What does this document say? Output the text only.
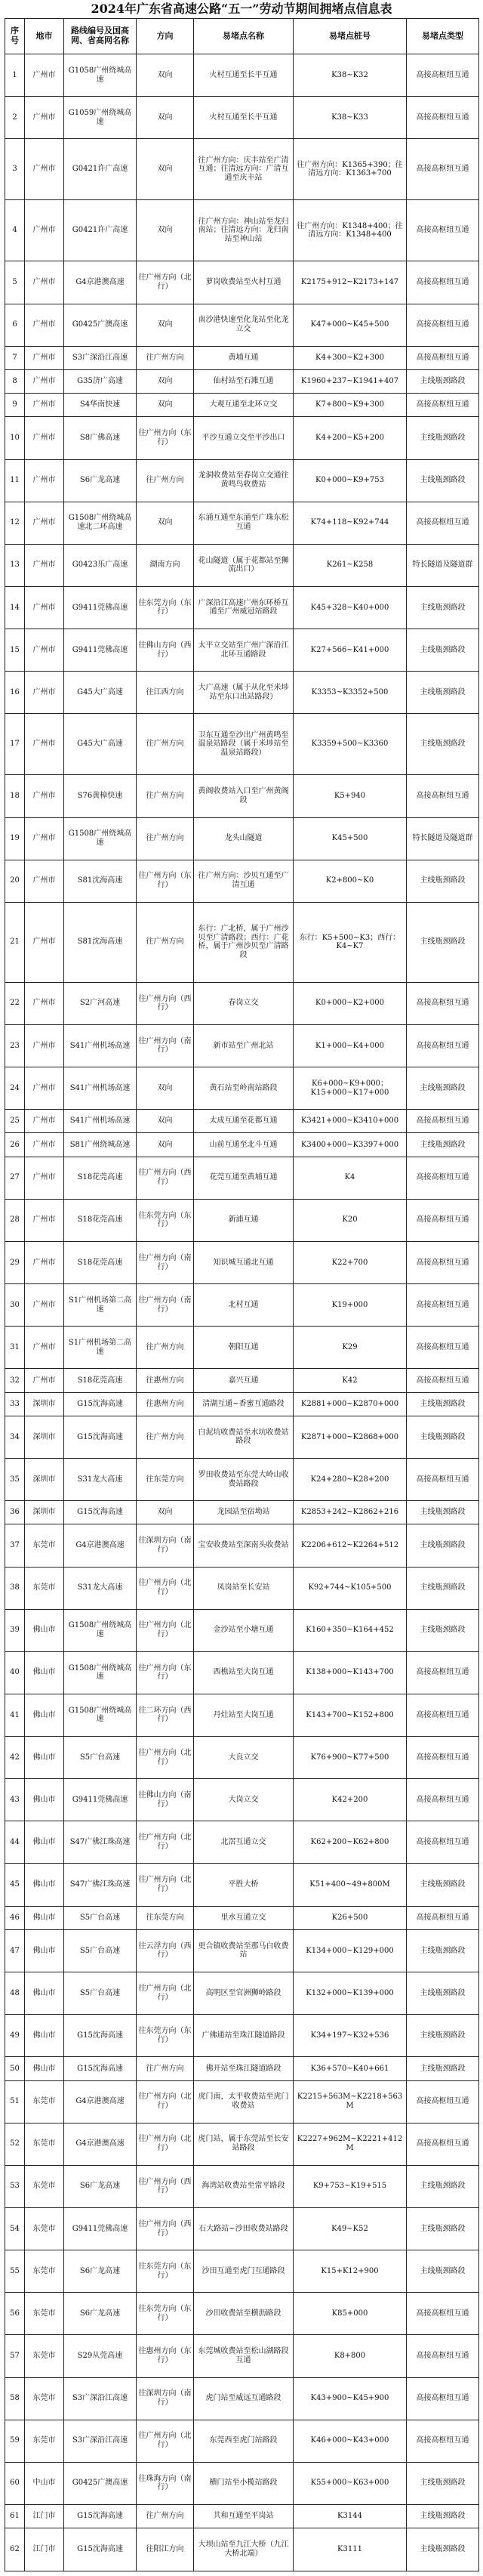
2024年广东省高速公路“五一”劳动节期间拥堵点信息表
序号	地市	路线编号及国高网、省高网名称	方向	易堵点名称	易堵点桩号	易堵点类型
1	广州市	G1058广州绕城高速	双向	火村互通至长平互通	K38~K32	高接高枢纽互通
2	广州市	G1059广州绕城高速	双向	火村互通至长平互通	K38~K33	高接高枢纽互通
3	广州市	G0421许广高速	双向	往广州方向：庆丰站至广清互通；往清远方向：广清互通至庆丰站	往广州方向：K1365+390；往清远方向：K1363+700	高接高枢纽互通
4	广州市	G0421许广高速	双向	往广州方向：神山站至龙归南站；往清远方向：龙归南站至神山站	往广州方向：K1348+400；往清远方向：K1348+400	高接高枢纽互通
5	广州市	G4京港澳高速	往广州方向（北行）	萝岗收费站至火村互通	K2175+912~K2173+147	高接高枢纽互通
6	广州市	G0425广澳高速	双向	南沙港快速至化龙站至化龙立交	K47+000~K45+500	高接高枢纽互通
7	广州市	S3广深沿江高速	往广州方向	黄埔互通	K4+300~K2+300	高接高枢纽互通
8	广州市	G35济广高速	双向	仙村站至石滩互通	K1960+237~K1941+407	主线瓶颈路段
9	广州市	S4华南快速	双向	大观互通至北环立交	K7+800~K9+300	高接高枢纽互通
10	广州市	S8广佛高速	往广州方向（东行）	平沙互通立交至平沙出口	K4+200~K5+200	主线瓶颈路段
11	广州市	S6广龙高速	往广州方向	龙洞收费站至春岗立交通往黄鸣鸟收费站	K0+000~K9+753	主线瓶颈路段
12	广州市	G1508广州绕城高速北二环高速	双向	东涌互通至东涌至广珠东松互通	K74+118~K92+744	高接高枢纽互通
13	广州市	G0423乐广高速	湖南方向	花山隧道（属于花都站至狮流出口）	K261~K258	特长隧道及隧道群
14	广州市	G9411莞佛高速	往东莞方向（东行）	广深沿江高速广州东环桥互通至广州威冠站路段	K45+328~K40+000	主线瓶颈路段
15	广州市	G9411莞佛高速	往佛山方向（西行）	太平立交站至广州广深沿江北环互通路段	K27+566~K41+000	主线瓶颈路段
16	广州市	G45大广高速	往江西方向	大广高速（属于从化至米埗站至东口出站路段）	K3353~K3352+500	主线瓶颈路段
17	广州市	G45大广高速	往广州方向	卫东互通至沙出广州黄鸣至温泉站路段（属于米埗站至温泉站路段）	K3359+500~K3360	主线瓶颈路段
18	广州市	S76黄樟快速	往广州方向	黄阁收费站入口至广州黄阁段	K5+940	高接高枢纽互通
19	广州市	G1508广州绕城高速	往广州方向	龙头山隧道	K45+500	特长隧道及隧道群
20	广州市	S81沈海高速	往广州方向（东行）	往广州方向：沙贝互通至广清互通	K2+800~K0	主线瓶颈路段
21	广州市	S81沈海高速	往广州方向	东行：广北桥，属于广州沙贝至广清路段；西行：广花桥，属于广州沙贝至广清路段	东行：K5+500~K3；西行：K4~K7	主线瓶颈路段
22	广州市	S2广河高速	往广州方向（西行）	春岗立交	K0+000~K2+000	高接高枢纽互通
23	广州市	S41广州机场高速	往广州方向（南行）	新市站至广州北站	K1+000~K4+000	高接高枢纽互通
24	广州市	S41广州机场高速	双向	黄石站至岭南站路段	K6+000~K9+000；K15+000~K17+000	主线瓶颈路段
25	广州市	S41广州机场高速	双向	太成互通至花都互通	K3421+000~K3410+000	高接高枢纽互通
26	广州市	S81广州绕城高速	双向	山前互通至北斗互通	K3400+000~K3397+000	主线瓶颈路段
27	广州市	S18花莞高速	往广州方向（西行）	花莞互通至黄埔互通	K4	高接高枢纽互通
28	广州市	S18花莞高速	往东莞方向（东行）	新浦互通	K20	高接高枢纽互通
29	广州市	S18花莞高速	往广州方向（南行）	知识城互通北互通	K22+700	高接高枢纽互通
30	广州市	S1广州机场第二高速	往广州方向（南行）	北村互通	K19+000	高接高枢纽互通
31	广州市	S1广州机场第二高速	往广州方向	朝阳互通	K29	高接高枢纽互通
32	广州市	S18花莞高速	往惠州方向	嘉兴互通	K42	高接高枢纽互通
33	深圳市	G15沈海高速	往惠州方向	清湖互通~香蜜互通路段	K2881+000~K2870+000	主线瓶颈路段
34	深圳市	G15沈海高速	往广州方向	白泥坑收费站至水坑收费站路段	K2871+000~K2868+000	主线瓶颈路段
35	深圳市	S31龙大高速	往东莞方向	罗田收费站至东莞大岭山收费站路段	K24+280~K28+200	高接高枢纽互通
36	深圳市	G15沈海高速	双向	龙园站至宿坳站	K2853+242~K2862+216	主线瓶颈路段
37	东莞市	G4京港澳高速	往深圳方向（南行）	宝安收费站至深南头收费站	K2206+612~K2264+512	主线瓶颈路段
38	东莞市	S31龙大高速	往广州方向（北行）	凤岗站至长安站	K92+744~K105+500	主线瓶颈路段
39	佛山市	G1508广州绕城高速	往广州方向（北行）	金沙站至小塘互通	K160+350~K164+452	主线瓶颈路段
40	佛山市	G1508广州绕城高速	往广州方向（东行）	西樵站至大岗互通	K138+000~K143+700	高接高枢纽互通
41	佛山市	G1508广州绕城高速	往二环方向（西行）	丹灶站至大岗互通	K143+700~K152+800	高接高枢纽互通
42	佛山市	S5广台高速	往广州方向（北行）	大良立交	K76+900~K77+500	高接高枢纽互通
43	佛山市	G9411莞佛高速	往佛山方向（南行）	大岗立交	K42+200	高接高枢纽互通
44	佛山市	S47广佛江珠高速	往广州方向（北行）	北滘互通立交	K62+200~K62+800	高接高枢纽互通
45	佛山市	S47广佛江珠高速	往广州方向（北行）	平胜大桥	K51+400~49+800M	主线瓶颈路段
46	佛山市	S5广台高速	往东莞方向	里水互通立交	K26+500	高接高枢纽互通
47	佛山市	S5广台高速	往云浮方向（西行）	更合镇收费站至那马白收费站	K134+000~K129+000	主线瓶颈路段
48	佛山市	S5广台高速	往广州方向（北行）	高明区至官洲狮岭路段	K132+000~K139+000	主线瓶颈路段
49	佛山市	G15沈海高速	往东莞方向（东行）	广佛通站至珠江隧道路段	K34+197~K32+536	主线瓶颈路段
50	佛山市	G15沈海高速	往广州方向	佛开站至珠江隧道路段	K36+570~K40+661	主线瓶颈路段
51	东莞市	G4京港澳高速	往广州方向（北行）	虎门南，太平收费站至虎门收费站	K2215+563M~K2218+563M	高接高枢纽互通
52	东莞市	G4京港澳高速	往广州方向（北行）	虎门站，属于东莞站至长安站路段	K2227+962M~K2221+412M	高接高枢纽互通
53	东莞市	S6广龙高速	往广州方向（西行）	海湾站收费站至常平路段	K9+753~K19+515	主线瓶颈路段
54	东莞市	G9411莞佛高速	往广州方向（西行）	石大路站~沙田收费站路段	K49~K52	主线瓶颈路段
55	东莞市	S6广龙高速	往东莞方向（东行）	沙田互通至虎门互通路段	K15+K12+900	主线瓶颈路段
56	东莞市	S6广龙高速	往东莞方向（东行）	沙田收费站至横沥路段	K85+000	高接高枢纽互通
57	东莞市	S29从莞高速	往惠州方向（东行）	东莞城收费站至松山湖路段互通	K8+800	高接高枢纽互通
58	东莞市	S3广深沿江高速	往深圳方向（南行）	虎门站至威远互通路段	K43+900~K45+900	高接高枢纽互通
59	东莞市	S3广深沿江高速	往广州方向（北行）	东莞西至虎门站路段	K46+000~K43+000	高接高枢纽互通
60	中山市	G0425广澳高速	往珠海方向（南行）	横门站至小榄站路段	K55+000~K63+000	主线瓶颈路段
61	江门市	G15沈海高速	往广州方向	共和互通至平岗站	K3144	主线瓶颈路段
62	江门市	G15沈海高速	往阳江方向	大坝山站至九江大桥（九江大桥北端）	K3111	主线瓶颈路段
